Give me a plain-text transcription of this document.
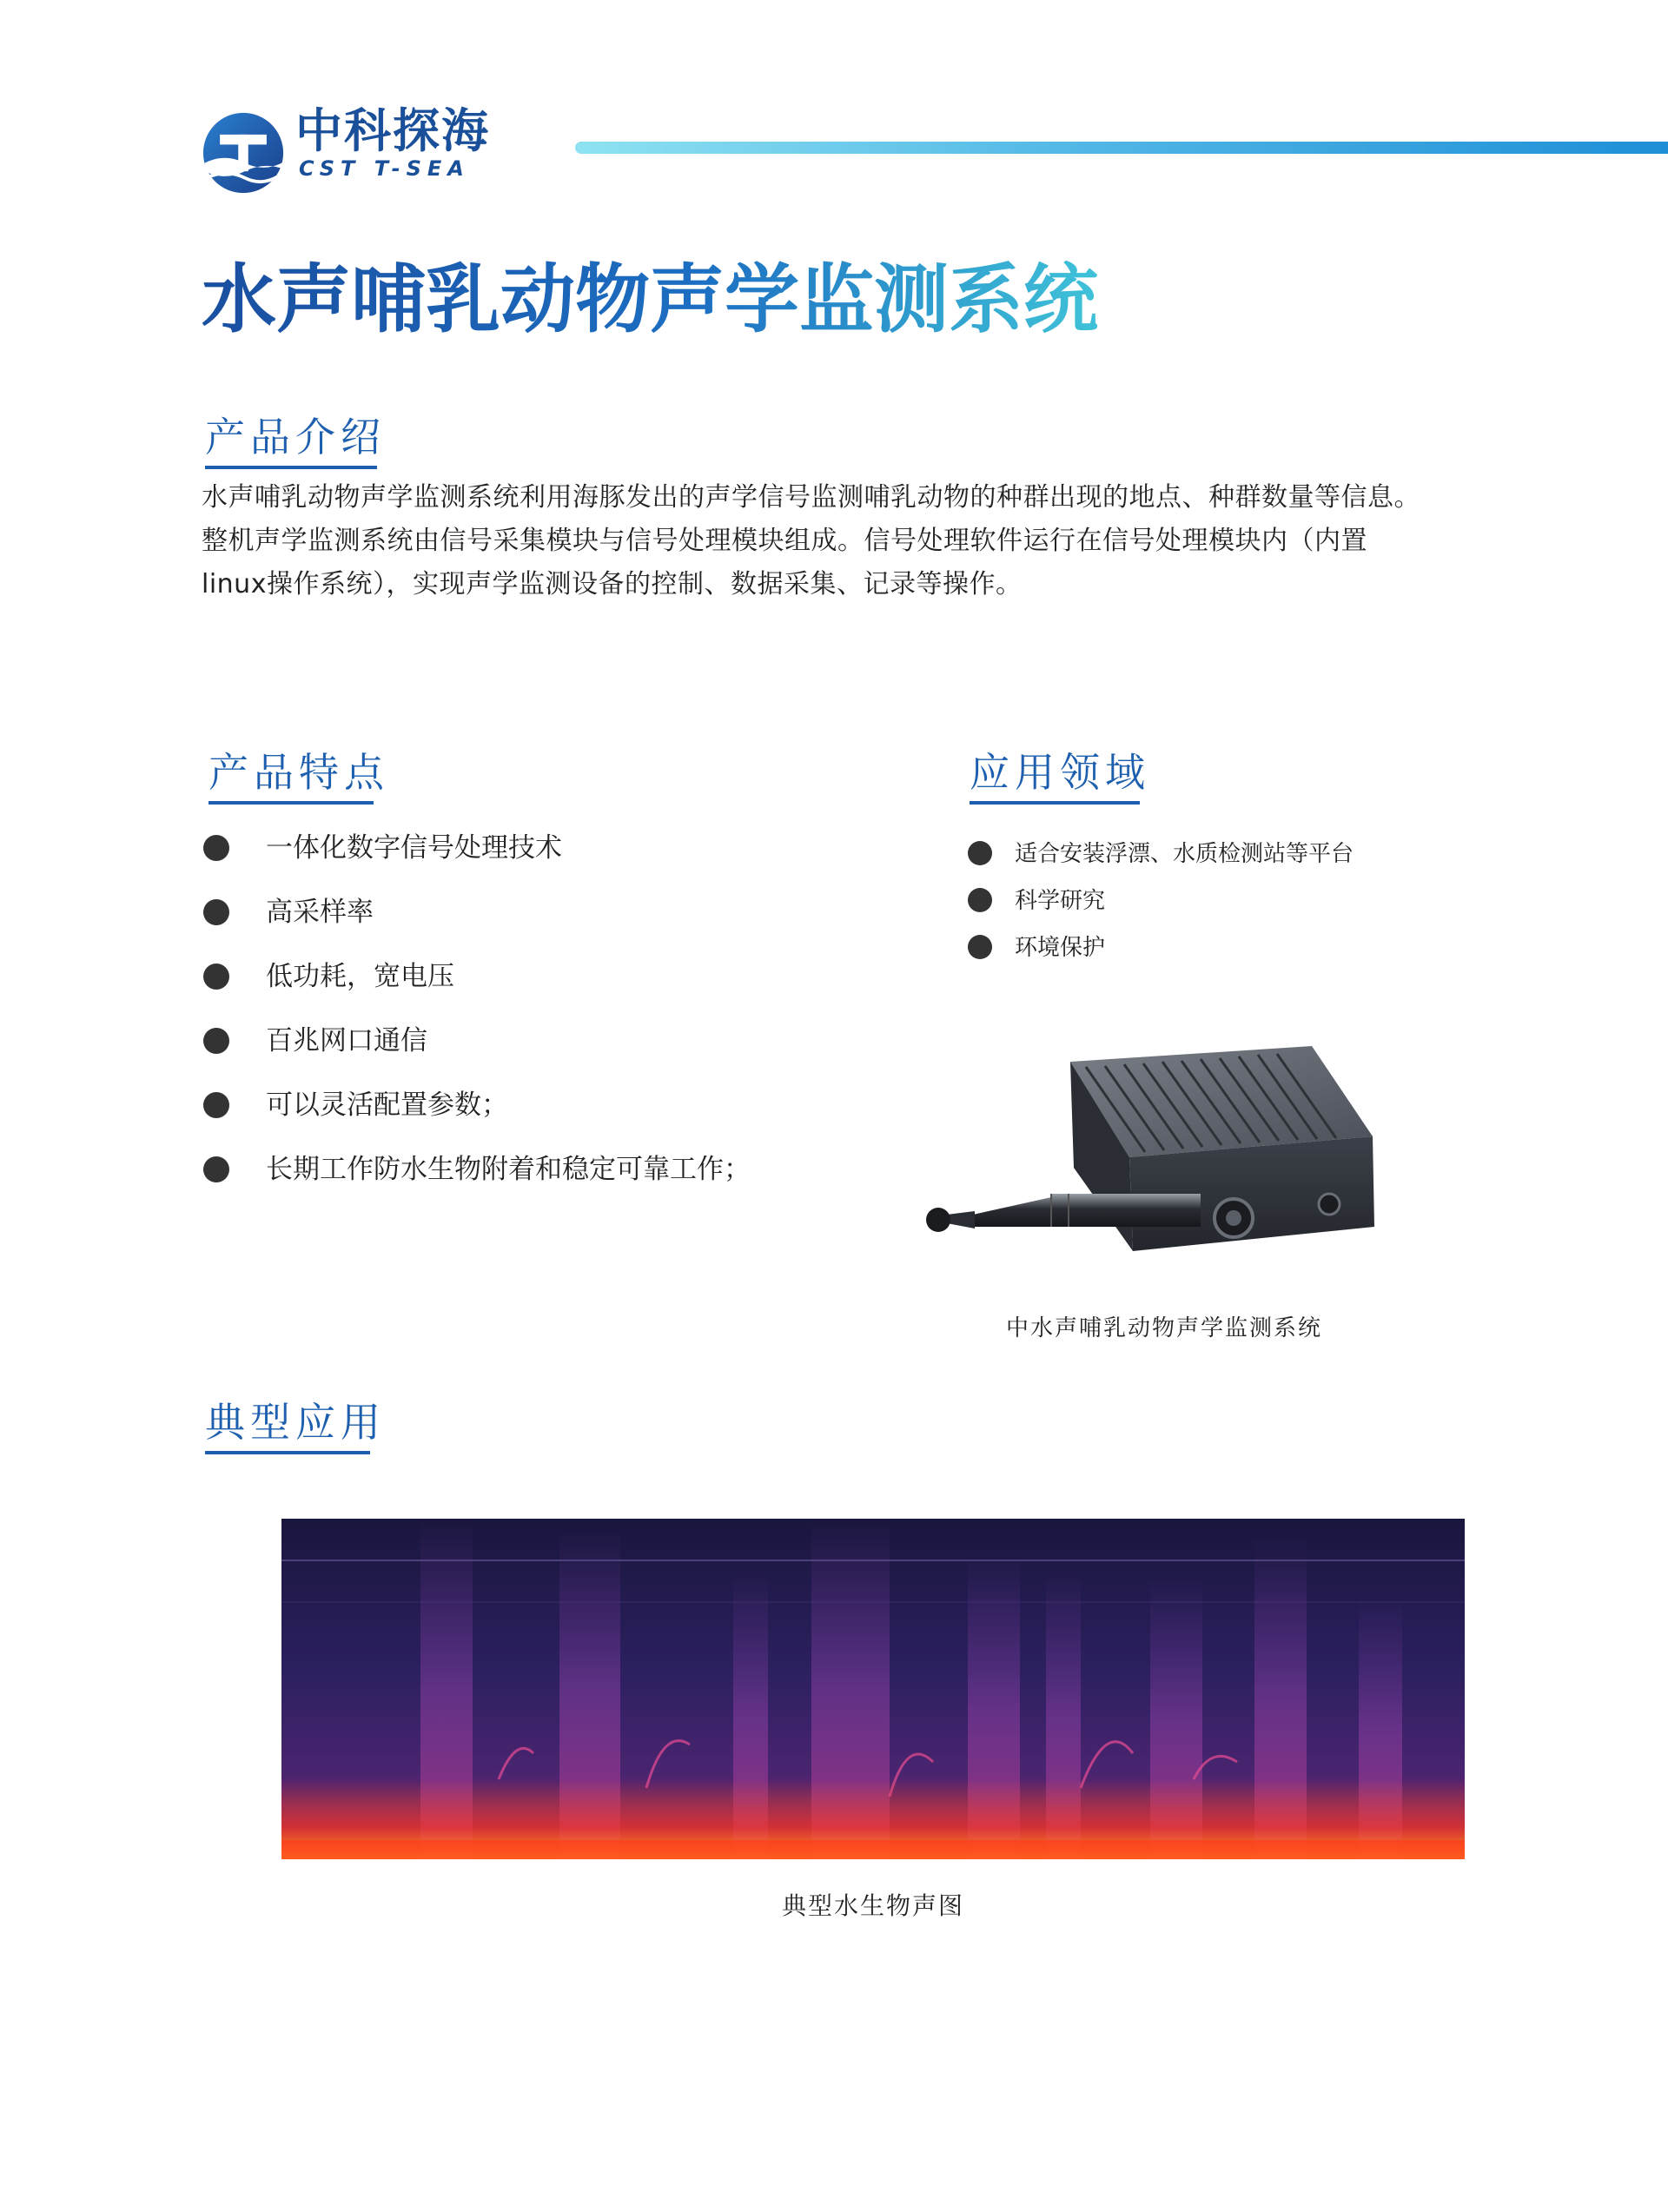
中科探海
CST T-SEA
水声哺乳动物声学监测系统
产品介绍

水声哺乳动物声学监测系统利用海豚发出的声学信号监测哺乳动物的种群出现的地点、种群数量等信息。

整机声学监测系统由信号采集模块与信号处理模块组成。信号处理软件运行在信号处理模块内（内置

linux操作系统），实现声学监测设备的控制、数据采集、记录等操作。

产品特点
一体化数字信号处理技术
高采样率
低功耗，宽电压
百兆网口通信
可以灵活配置参数；
长期工作防水生物附着和稳定可靠工作；
应用领域
适合安装浮漂、水质检测站等平台
科学研究
环境保护
中水声哺乳动物声学监测系统
典型应用
典型水生物声图
